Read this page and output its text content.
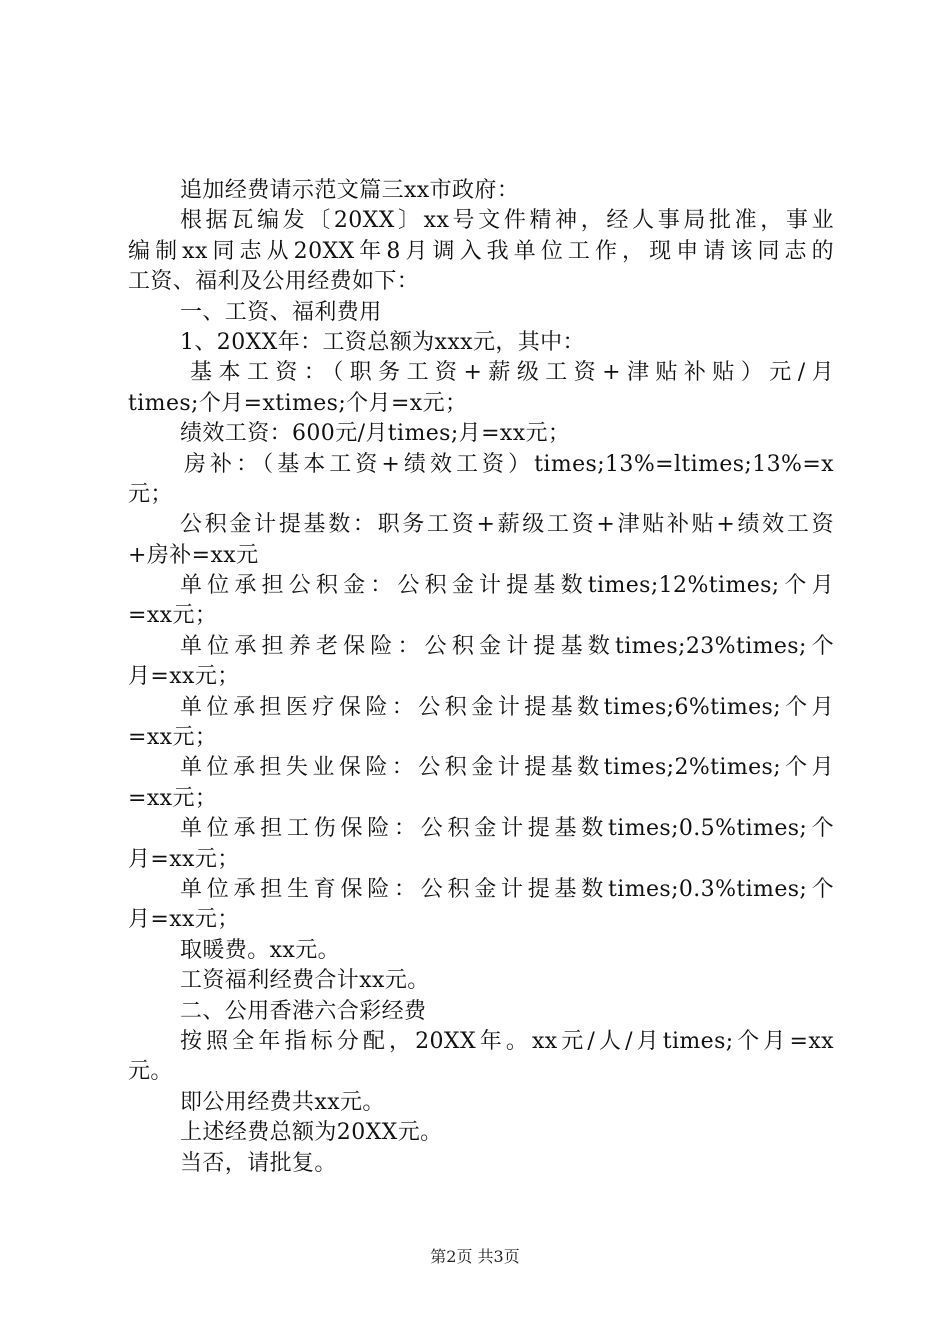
追加经费请示范文篇三xx市政府：
根据瓦编发〔20XX〕xx号文件精神，经人事局批准，事业
编制xx同志从20XX年8月调入我单位工作，现申请该同志的
工资、福利及公用经费如下：
一、工资、福利费用
1、20XX年：工资总额为xxx元，其中：
基本工资：（职务工资+薪级工资+津贴补贴）元/月
times;个月=xtimes;个月=x元；
绩效工资：600元/月times;月=xx元；
房补：（基本工资+绩效工资）times;13%=ltimes;13%=x
元；
公积金计提基数：职务工资+薪级工资+津贴补贴+绩效工资
+房补=xx元
单位承担公积金：公积金计提基数times;12%times;个月
=xx元；
单位承担养老保险：公积金计提基数times;23%times;个
月=xx元；
单位承担医疗保险：公积金计提基数times;6%times;个月
=xx元；
单位承担失业保险：公积金计提基数times;2%times;个月
=xx元；
单位承担工伤保险：公积金计提基数times;0.5%times;个
月=xx元；
单位承担生育保险：公积金计提基数times;0.3%times;个
月=xx元；
取暖费。xx元。
工资福利经费合计xx元。
二、公用香港六合彩经费
按照全年指标分配，20XX年。xx元/人/月times;个月=xx
元。
即公用经费共xx元。
上述经费总额为20XX元。
当否，请批复。
第2页 共3页
